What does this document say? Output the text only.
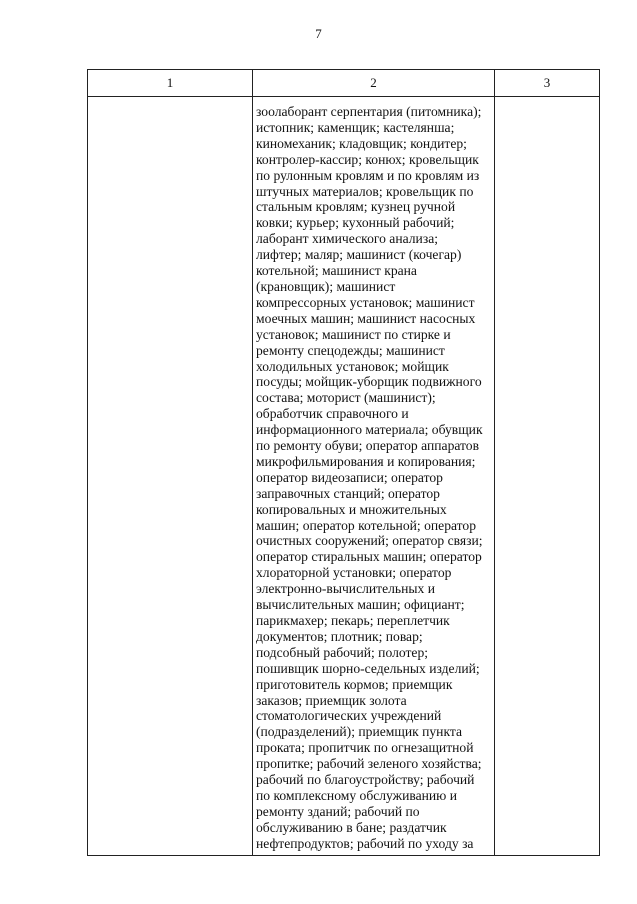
7
1	2	3
зоолаборант серпентария (питомника);
истопник; каменщик; кастелянша;
киномеханик; кладовщик; кондитер;
контролер-кассир; конюх; кровельщик
по рулонным кровлям и по кровлям из
штучных материалов; кровельщик по
стальным кровлям; кузнец ручной
ковки; курьер; кухонный рабочий;
лаборант химического анализа;
лифтер; маляр; машинист (кочегар)
котельной; машинист крана
(крановщик); машинист
компрессорных установок; машинист
моечных машин; машинист насосных
установок; машинист по стирке и
ремонту спецодежды; машинист
холодильных установок; мойщик
посуды; мойщик-уборщик подвижного
состава; моторист (машинист);
обработчик справочного и
информационного материала; обувщик
по ремонту обуви; оператор аппаратов
микрофильмирования и копирования;
оператор видеозаписи; оператор
заправочных станций; оператор
копировальных и множительных
машин; оператор котельной; оператор
очистных сооружений; оператор связи;
оператор стиральных машин; оператор
хлораторной установки; оператор
электронно-вычислительных и
вычислительных машин; официант;
парикмахер; пекарь; переплетчик
документов; плотник; повар;
подсобный рабочий; полотер;
пошивщик шорно-седельных изделий;
приготовитель кормов; приемщик
заказов; приемщик золота
стоматологических учреждений
(подразделений); приемщик пункта
проката; пропитчик по огнезащитной
пропитке; рабочий зеленого хозяйства;
рабочий по благоустройству; рабочий
по комплексному обслуживанию и
ремонту зданий; рабочий по
обслуживанию в бане; раздатчик
нефтепродуктов; рабочий по уходу за
